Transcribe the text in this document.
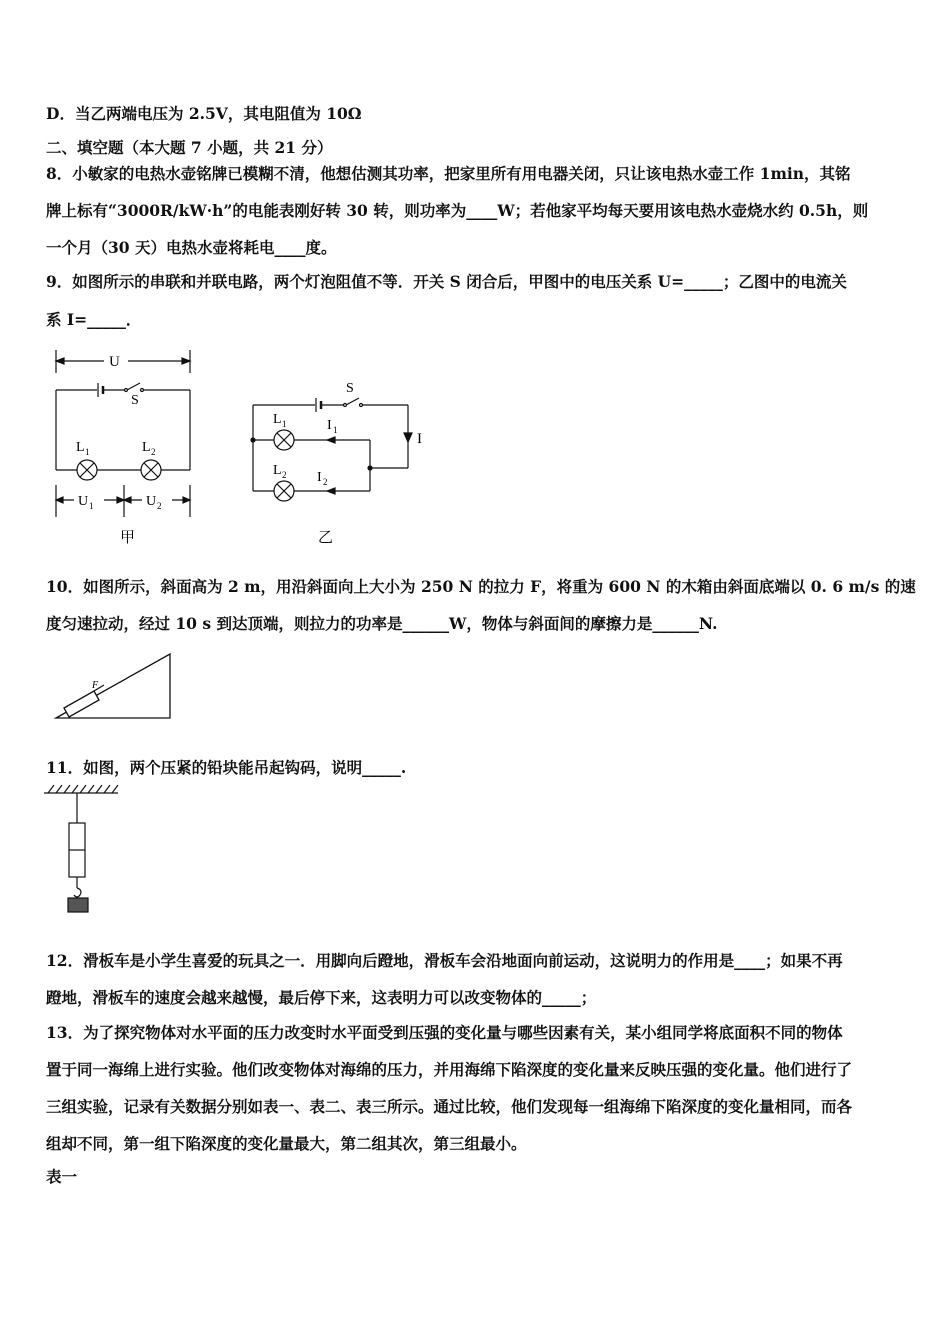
D．当乙两端电压为 2.5V，其电阻值为 10Ω
二、填空题（本大题 7 小题，共 21 分）
8．小敏家的电热水壶铭牌已模糊不清，他想估测其功率，把家里所有用电器关闭，只让该电热水壶工作 1min，其铭
牌上标有“3000R/kW·h”的电能表刚好转 30 转，则功率为____W；若他家平均每天要用该电热水壶烧水约 0.5h，则
一个月（30 天）电热水壶将耗电____度。
9．如图所示的串联和并联电路，两个灯泡阻值不等．开关 S 闭合后，甲图中的电压关系 U=_____；乙图中的电流关
系 I=_____．
U
S
L 1	L 2
U 1	U 2
甲
S
L 1
L 2
I
I 1
I 2
乙
10．如图所示，斜面高为 2 m，用沿斜面向上大小为 250 N 的拉力 F，将重为 600 N 的木箱由斜面底端以 0. 6 m/s 的速
度匀速拉动，经过 10 s 到达顶端，则拉力的功率是______W，物体与斜面间的摩擦力是______N.
F
11．如图，两个压紧的铅块能吊起钩码，说明_____.
12．滑板车是小学生喜爱的玩具之一．用脚向后蹬地，滑板车会沿地面向前运动，这说明力的作用是____；如果不再
蹬地，滑板车的速度会越来越慢，最后停下来，这表明力可以改变物体的_____；
13．为了探究物体对水平面的压力改变时水平面受到压强的变化量与哪些因素有关，某小组同学将底面积不同的物体
置于同一海绵上进行实验。他们改变物体对海绵的压力，并用海绵下陷深度的变化量来反映压强的变化量。他们进行了
三组实验，记录有关数据分别如表一、表二、表三所示。通过比较，他们发现每一组海绵下陷深度的变化量相同，而各
组却不同，第一组下陷深度的变化量最大，第二组其次，第三组最小。
表一
